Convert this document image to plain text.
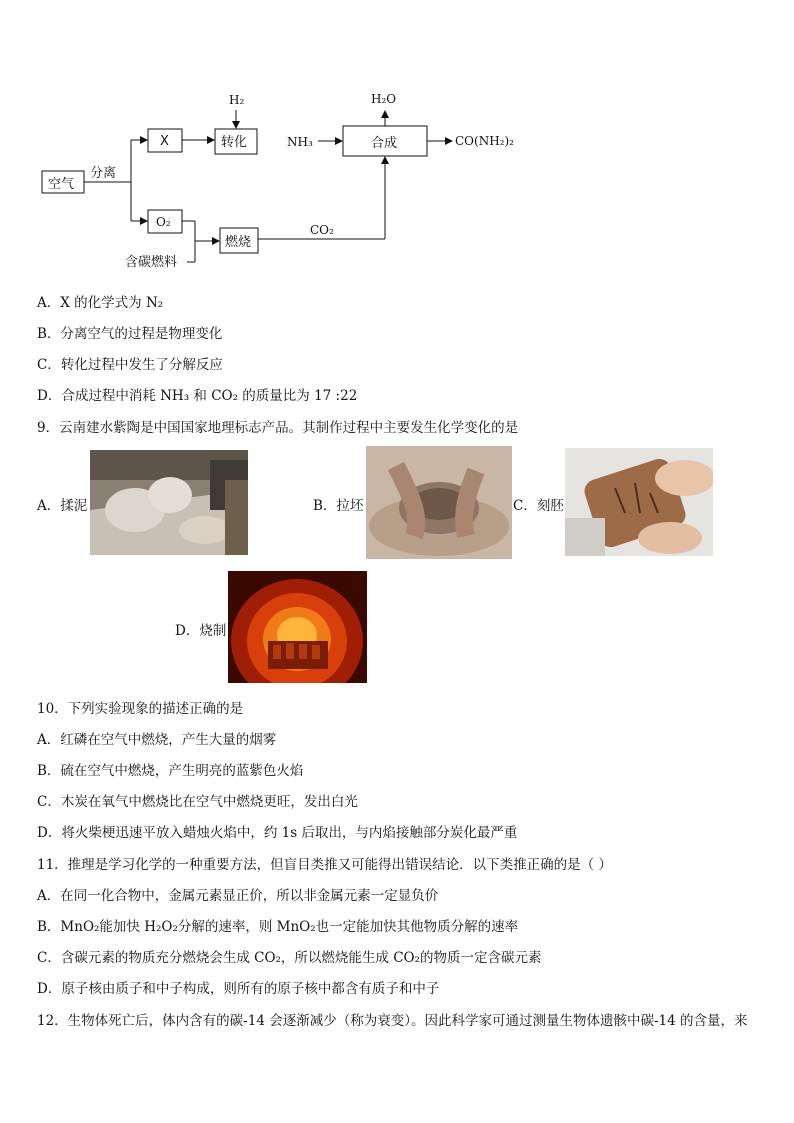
空气
分离
X
O₂
含碳燃料
转化
H₂
NH₃	合成
H₂O
CO(NH₂)₂
燃烧
CO₂
A．X 的化学式为 N₂
B．分离空气的过程是物理变化
C．转化过程中发生了分解反应
D．合成过程中消耗 NH₃ 和 CO₂ 的质量比为 17 :22
9．云南建水紫陶是中国国家地理标志产品。其制作过程中主要发生化学变化的是
A．揉泥	B．拉坯	C．刻胚
D．烧制
10．下列实验现象的描述正确的是
A．红磷在空气中燃烧，产生大量的烟雾
B．硫在空气中燃烧，产生明亮的蓝紫色火焰
C．木炭在氧气中燃烧比在空气中燃烧更旺，发出白光
D．将火柴梗迅速平放入蜡烛火焰中，约 1s 后取出，与内焰接触部分炭化最严重
11．推理是学习化学的一种重要方法，但盲目类推又可能得出错误结论．以下类推正确的是（ ）
A．在同一化合物中，金属元素显正价，所以非金属元素一定显负价
B．MnO₂能加快 H₂O₂分解的速率，则 MnO₂也一定能加快其他物质分解的速率
C．含碳元素的物质充分燃烧会生成 CO₂，所以燃烧能生成 CO₂的物质一定含碳元素
D．原子核由质子和中子构成，则所有的原子核中都含有质子和中子
12．生物体死亡后，体内含有的碳-14 会逐渐减少（称为衰变）。因此科学家可通过测量生物体遗骸中碳-14 的含量，来
